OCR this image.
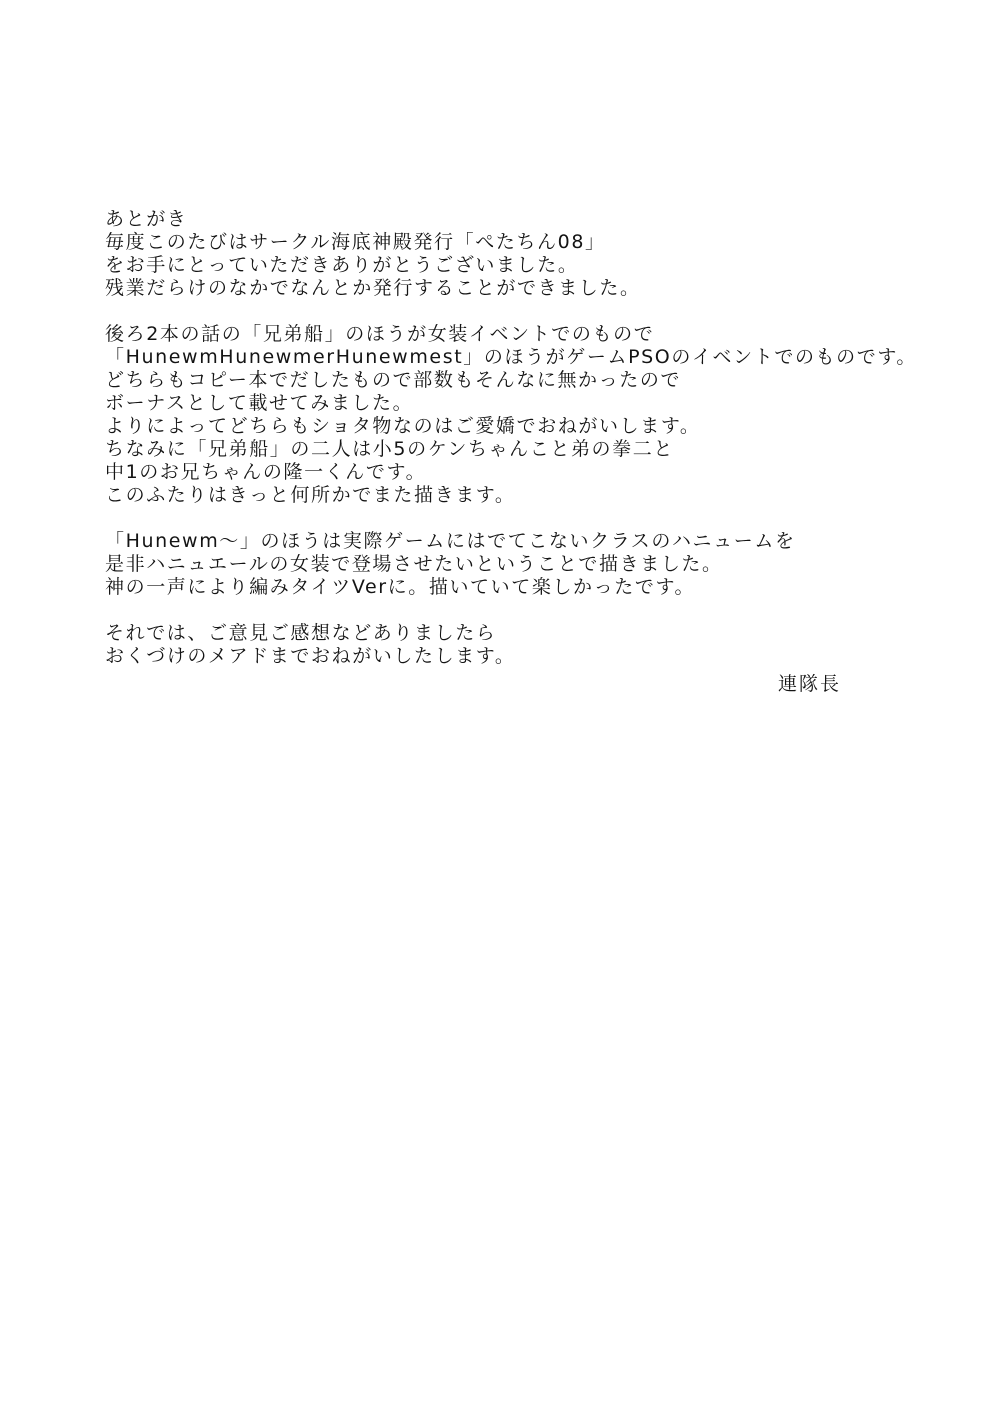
あとがき
毎度このたびはサークル海底神殿発行「ぺたちん08」
をお手にとっていただきありがとうございました。
残業だらけのなかでなんとか発行することができました。
後ろ2本の話の「兄弟船」のほうが女装イベントでのもので
「HunewmHunewmerHunewmest」のほうがゲームPSOのイベントでのものです。
どちらもコピー本でだしたもので部数もそんなに無かったので
ボーナスとして載せてみました。
よりによってどちらもショタ物なのはご愛嬌でおねがいします。
ちなみに「兄弟船」の二人は小5のケンちゃんこと弟の拳二と
中1のお兄ちゃんの隆一くんです。
このふたりはきっと何所かでまた描きます。
「Hunewm～」のほうは実際ゲームにはでてこないクラスのハニュームを
是非ハニュエールの女装で登場させたいということで描きました。
神の一声により編みタイツVerに。描いていて楽しかったです。
それでは、ご意見ご感想などありましたら
おくづけのメアドまでおねがいしたします。
連隊長
